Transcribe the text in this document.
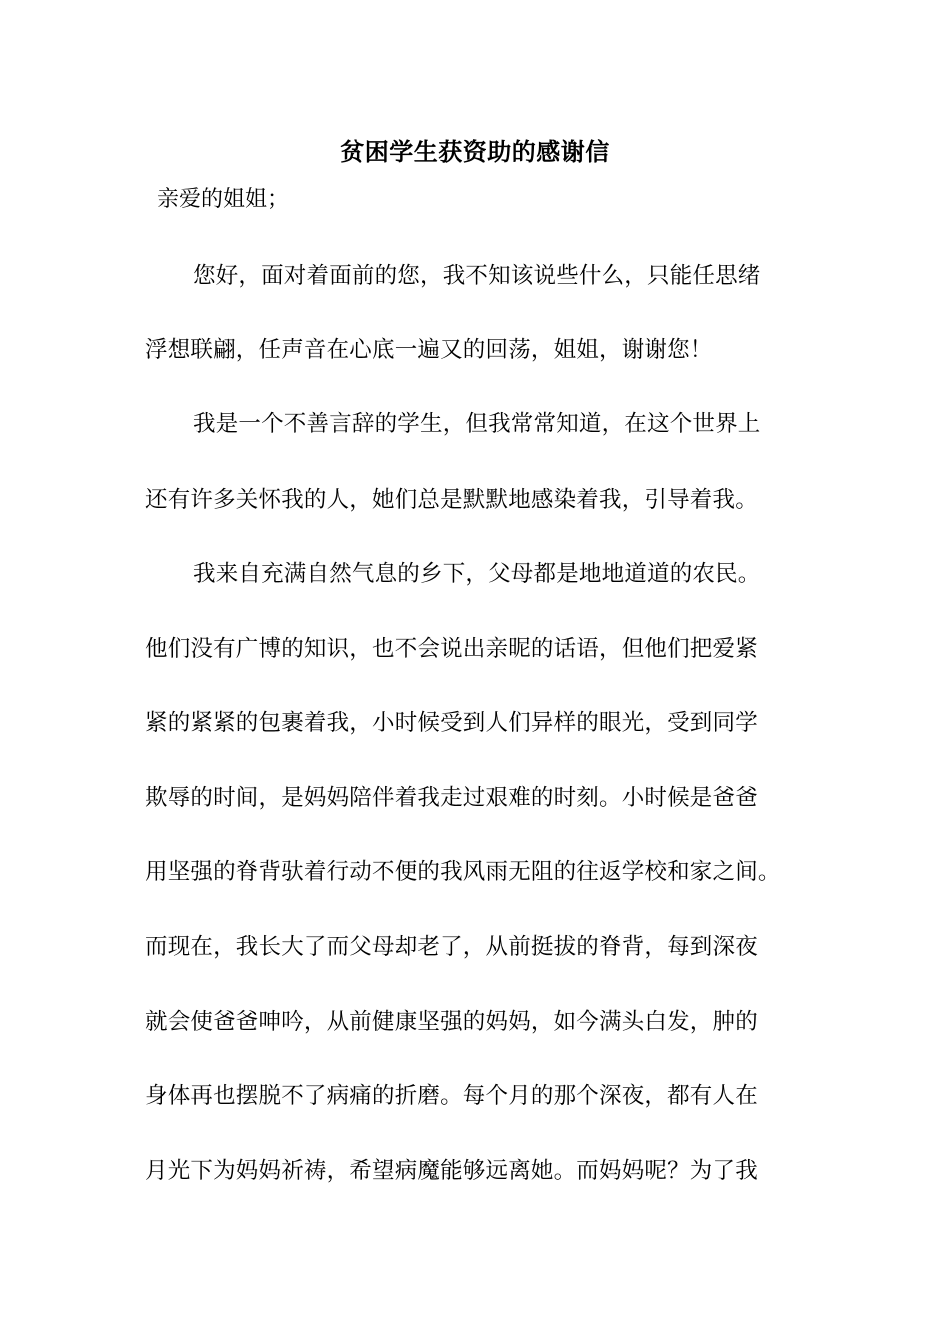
贫困学生获资助的感谢信
亲爱的姐姐；
您好，面对着面前的您，我不知该说些什么，只能任思绪
浮想联翩，任声音在心底一遍又的回荡，姐姐，谢谢您！
我是一个不善言辞的学生，但我常常知道，在这个世界上
还有许多关怀我的人，她们总是默默地感染着我，引导着我。
我来自充满自然气息的乡下，父母都是地地道道的农民。
他们没有广博的知识，也不会说出亲昵的话语，但他们把爱紧
紧的紧紧的包裹着我，小时候受到人们异样的眼光，受到同学
欺辱的时间，是妈妈陪伴着我走过艰难的时刻。小时候是爸爸
用坚强的脊背驮着行动不便的我风雨无阻的往返学校和家之间。
而现在，我长大了而父母却老了，从前挺拔的脊背，每到深夜
就会使爸爸呻吟，从前健康坚强的妈妈，如今满头白发，肿的
身体再也摆脱不了病痛的折磨。每个月的那个深夜，都有人在
月光下为妈妈祈祷，希望病魔能够远离她。而妈妈呢？为了我
